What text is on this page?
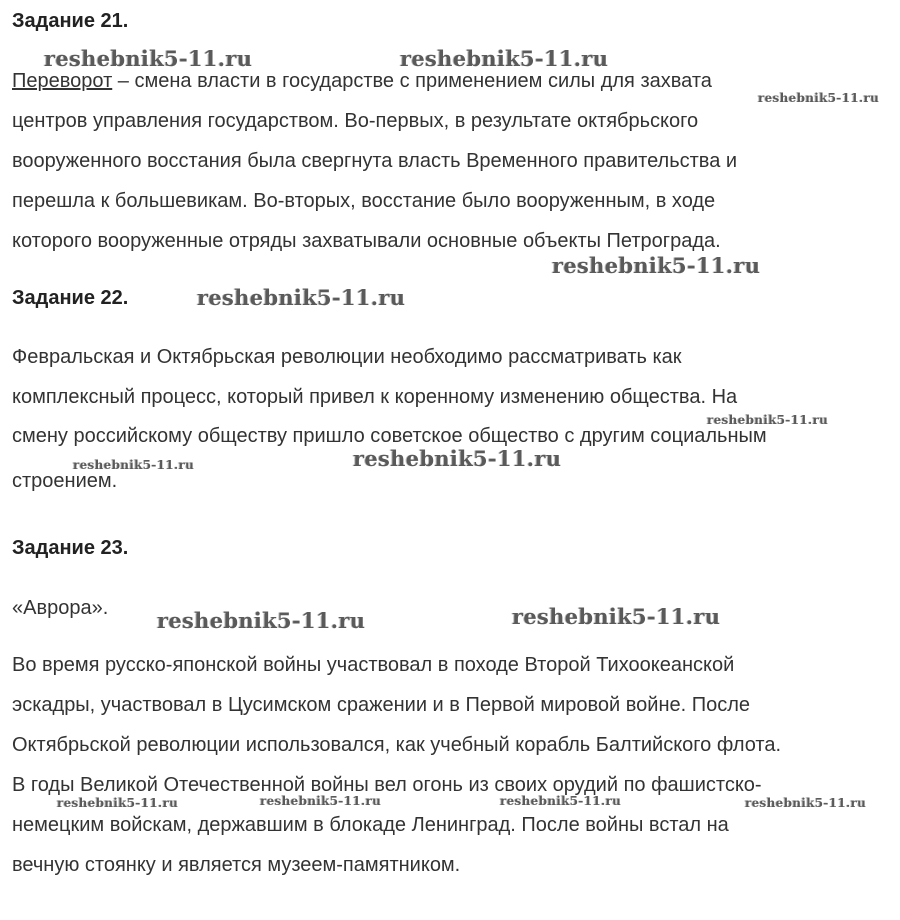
Задание 21.
Переворот – смена власти в государстве с применением силы для захвата
центров управления государством. Во-первых, в результате октябрьского
вооруженного восстания была свергнута власть Временного правительства и
перешла к большевикам. Во-вторых, восстание было вооруженным, в ходе
которого вооруженные отряды захватывали основные объекты Петрограда.
Задание 22.
Февральская и Октябрьская революции необходимо рассматривать как
комплексный процесс, который привел к коренному изменению общества. На
смену российскому обществу пришло советское общество с другим социальным
строением.
Задание 23.
«Аврора».
Во время русско-японской войны участвовал в походе Второй Тихоокеанской
эскадры, участвовал в Цусимском сражении и в Первой мировой войне. После
Октябрьской революции использовался, как учебный корабль Балтийского флота.
В годы Великой Отечественной войны вел огонь из своих орудий по фашистско-
немецким войскам, державшим в блокаде Ленинград. После войны встал на
вечную стоянку и является музеем-памятником.
reshebnik5-11.ru	reshebnik5-11.ru
reshebnik5-11.ru
reshebnik5-11.ru
reshebnik5-11.ru
reshebnik5-11.ru
reshebnik5-11.ru
reshebnik5-11.ru
reshebnik5-11.ru	reshebnik5-11.ru
reshebnik5-11.ru	reshebnik5-11.ru	reshebnik5-11.ru	reshebnik5-11.ru
